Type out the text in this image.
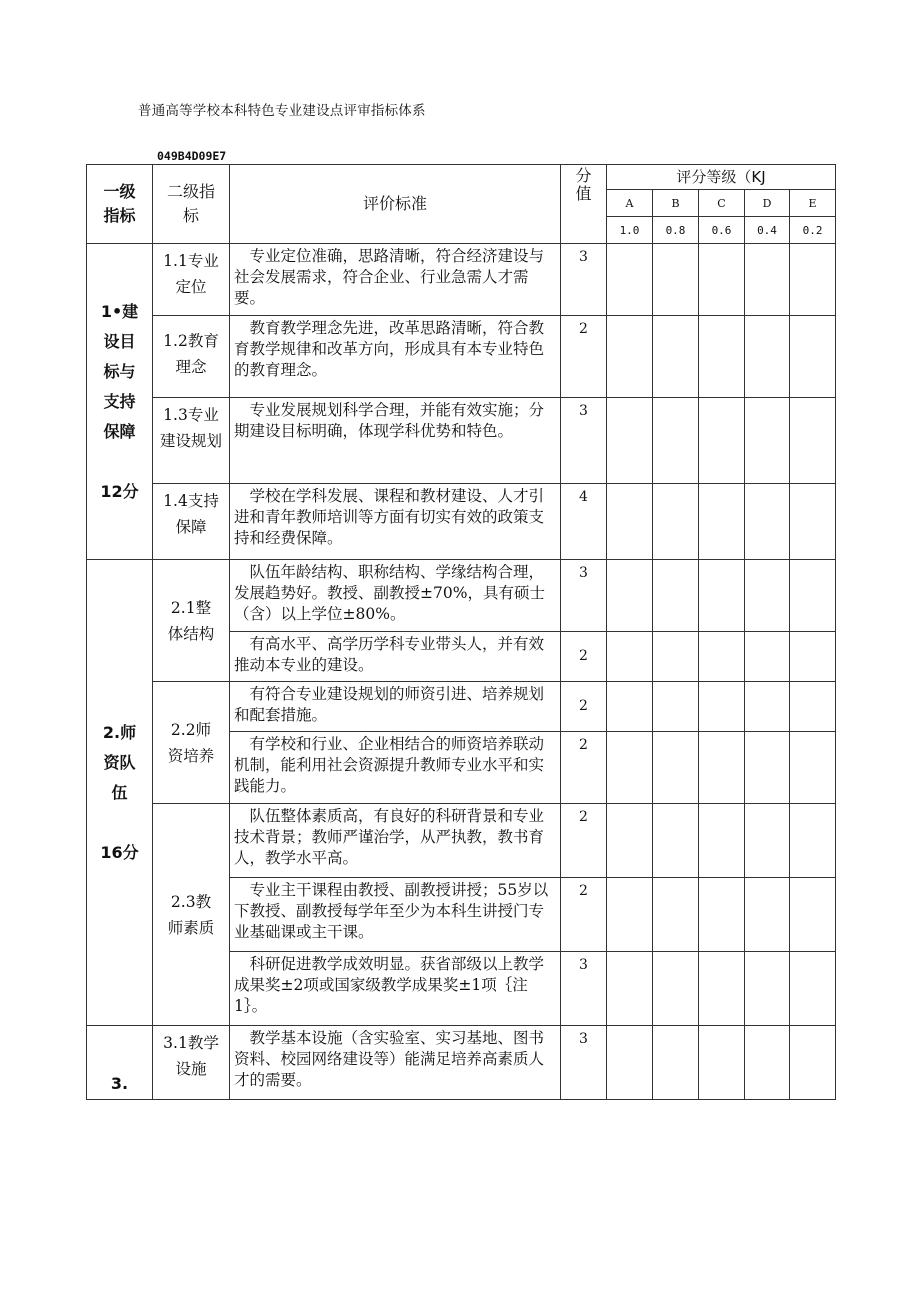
普通高等学校本科特色专业建设点评审指标体系
049B4D09E7
一级指标	二级指标	评价标准	分值	评分等级（KJ				
				A	B	C	D	E
				1.0	0.8	0.6	0.4	0.2

1•建设目标与支持保障
12分	1.1专业定位	专业定位准确，思路清晰，符合经济建设与社会发展需求，符合企业、行业急需人才需要。	3					
	1.2教育理念	教育教学理念先进，改革思路清晰，符合教育教学规律和改革方向，形成具有本专业特色的教育理念。	2					
	1.3专业建设规划	专业发展规划科学合理，并能有效实施；分期建设目标明确，体现学科优势和特色。	3					
	1.4支持保障	学校在学科发展、课程和教材建设、人才引进和青年教师培训等方面有切实有效的政策支持和经费保障。	4					

2.师资队伍
16分	2.1整体结构	队伍年龄结构、职称结构、学缘结构合理，发展趋势好。教授、副教授±70%，具有硕士（含）以上学位±80%。	3					
		有高水平、高学历学科专业带头人，并有效推动本专业的建设。	2					

	2.2师资培养	有符合专业建设规划的师资引进、培养规划和配套措施。	2					
		有学校和行业、企业相结合的师资培养联动机制，能利用社会资源提升教师专业水平和实践能力。	2					

	2.3教师素质	队伍整体素质高，有良好的科研背景和专业技术背景；教师严谨治学，从严执教，教书育人，教学水平高。	2					
		专业主干课程由教授、副教授讲授；55岁以下教授、副教授每学年至少为本科生讲授门专业基础课或主干课。	2					
		科研促进教学成效明显。获省部级以上教学成果奖±2项或国家级教学成果奖±1项｛注1｝。	3					
3.	3.1教学设施	教学基本设施（含实验室、实习基地、图书资料、校园网络建设等）能满足培养高素质人才的需要。	3					
